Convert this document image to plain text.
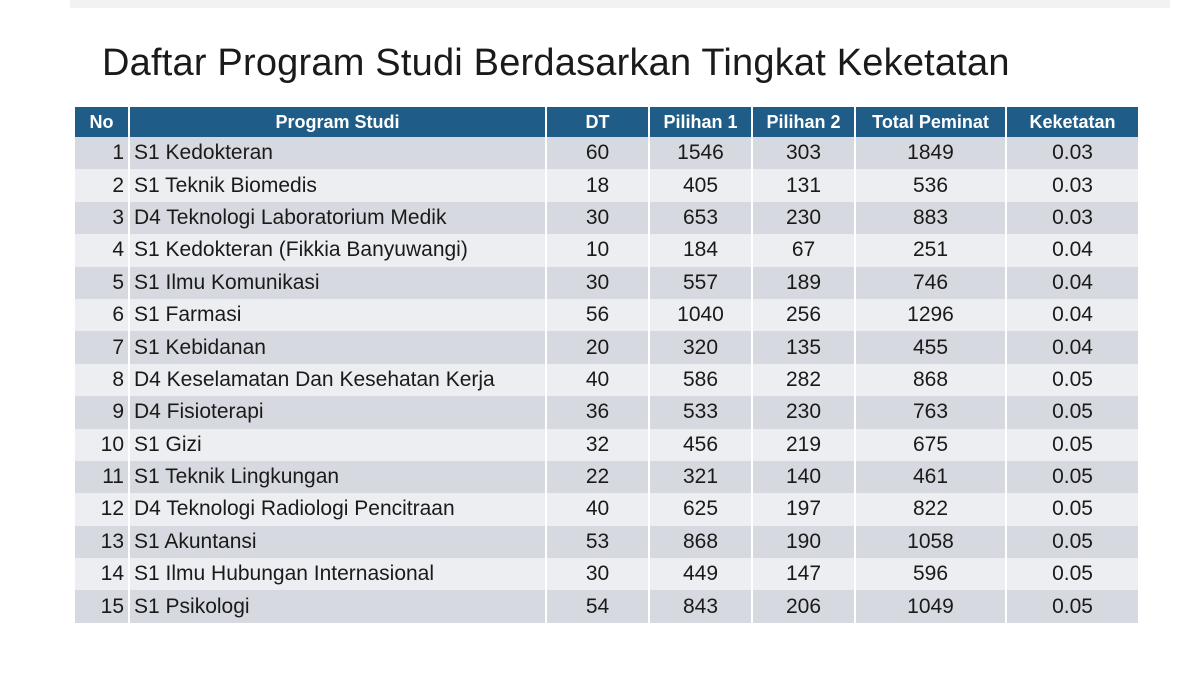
Daftar Program Studi Berdasarkan Tingkat Keketatan
No	Program Studi	DT	Pilihan 1	Pilihan 2	Total Peminat	Keketatan
1	S1 Kedokteran	60	1546	303	1849	0.03
2	S1 Teknik Biomedis	18	405	131	536	0.03
3	D4 Teknologi Laboratorium Medik	30	653	230	883	0.03
4	S1 Kedokteran (Fikkia Banyuwangi)	10	184	67	251	0.04
5	S1 Ilmu Komunikasi	30	557	189	746	0.04
6	S1 Farmasi	56	1040	256	1296	0.04
7	S1 Kebidanan	20	320	135	455	0.04
8	D4 Keselamatan Dan Kesehatan Kerja	40	586	282	868	0.05
9	D4 Fisioterapi	36	533	230	763	0.05
10	S1 Gizi	32	456	219	675	0.05
11	S1 Teknik Lingkungan	22	321	140	461	0.05
12	D4 Teknologi Radiologi Pencitraan	40	625	197	822	0.05
13	S1 Akuntansi	53	868	190	1058	0.05
14	S1 Ilmu Hubungan Internasional	30	449	147	596	0.05
15	S1 Psikologi	54	843	206	1049	0.05
